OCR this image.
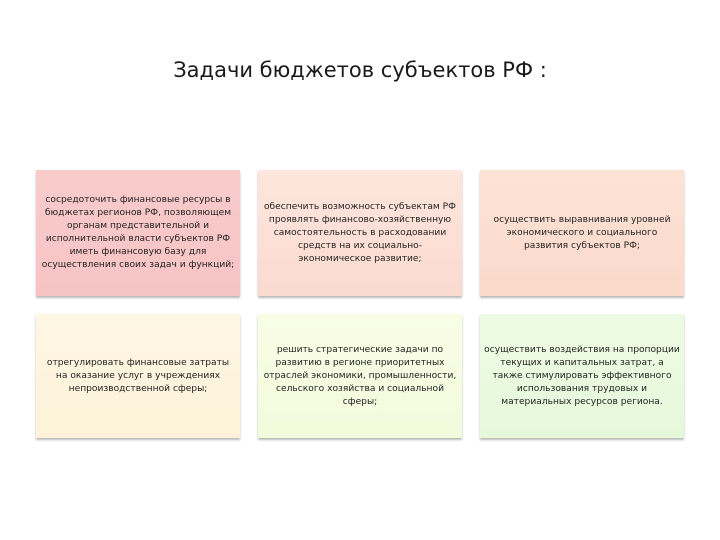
Задачи бюджетов субъектов РФ :
сосредоточить финансовые ресурсы в бюджетах регионов РФ, позволяющем органам представительной и исполнительной власти субъектов РФ иметь финансовую базу для осуществления своих задач и функций;
обеспечить возможность субъектам РФ проявлять финансово-хозяйственную самостоятельность в расходовании средств на их социально-экономическое развитие;
осуществить выравнивания уровней экономического и социального развития субъектов РФ;
отрегулировать финансовые затраты на оказание услуг в учреждениях непроизводственной сферы;
решить стратегические задачи по развитию в регионе приоритетных отраслей экономики, промышленности, сельского хозяйства и социальной сферы;
осуществить воздействия на пропорции текущих и капитальных затрат, а также стимулировать эффективного использования трудовых и материальных ресурсов региона.
